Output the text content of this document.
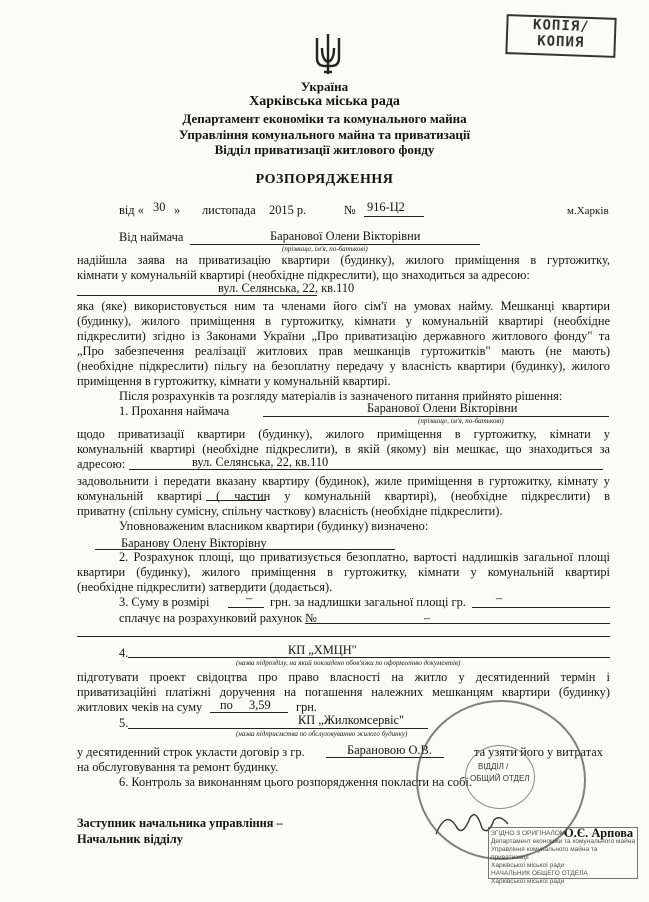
КОПІЯ/
КОПИЯ
Україна
Харківська міська рада
Департамент економіки та комунального майна
Управління комунального майна та приватизації
Відділ приватизації житлового фонду
РОЗПОРЯДЖЕННЯ
від « 30 » листопада 2015 р.	№ 916-Ц2	м.Харків
Від наймача	Баранової Олени Вікторівни
(прізвище, ім'я, по-батькові)
надійшла заява на приватизацію квартири (будинку), жилого приміщення в гуртожитку,
кімнати у комунальній квартирі (необхідне підкреслити), що знаходиться за адресою:
вул. Селянська, 22, кв.110
яка (яке) використовується ним та членами його сім'ї на умовах найму. Мешканці квартири
(будинку), жилого приміщення в гуртожитку, кімнати у комунальній квартирі (необхідне
підкреслити) згідно із Законами України „Про приватизацію державного житлового фонду" та
„Про забезпечення реалізації житлових прав мешканців гуртожитків" мають (не мають)
(необхідне підкреслити) пільгу на безоплатну передачу у власність квартири (будинку), жилого
приміщення в гуртожитку, кімнати у комунальній квартирі.
Після розрахунків та розгляду матеріалів із зазначеного питання прийнято рішення:
1. Прохання наймача	Баранової Олени Вікторівни
(прізвище, ім'я, по-батькові)
щодо приватизації квартири (будинку), жилого приміщення в гуртожитку, кімнати у
комунальній квартирі (необхідне підкреслити), в якій (якому) він мешкає, що знаходиться за
адресою:	вул. Селянська, 22, кв.110
задовольнити і передати вказану квартиру (будинок), жиле приміщення в гуртожитку, кімнату у
комунальній квартирі ( частин у комунальній квартирі), (необхідне підкреслити) в
приватну (спільну сумісну, спільну часткову) власність (необхідне підкреслити).
Уповноваженим власником квартири (будинку) визначено:
Баранову Олену Вікторівну
2. Розрахунок площі, що приватизується безоплатно, вартості надлишків загальної площі
квартири (будинку), жилого приміщення в гуртожитку, кімнати у комунальній квартирі
(необхідне підкреслити) затвердити (додається).
3. Суму в розмірі	– грн. за надлишки загальної площі гр. –
сплачує на розрахунковий рахунок №	–
4.	КП „ХМЦН"
(назва підрозділу, на який покладено обов'язки по оформленню документів)
підготувати проект свідоцтва про право власності на житло у десятиденний термін і
приватизаційні платіжні доручення на погашення належних мешканцям квартири (будинку)
житлових чеків на суму по 3,59 грн.
5.	КП „Жилкомсервіс"
(назва підприємства по обслуговуванню жилого будинку)
у десятиденний строк укласти договір з гр.	Барановою О.В.	та узяти його у витратах
на обслуговування та ремонт будинку.
6. Контроль за виконанням цього розпорядження покласти на собі.
Заступник начальника управління –
Начальник відділу	О.Є. Арпова
ВІДДІЛ /
ОБЩИЙ ОТДЕЛ
ЗГІДНО З ОРИГІНАЛОМ
Департамент економіки та комунального майна
Управління комунального майна та приватизації
Харківської міської ради
НАЧАЛЬНИК ОБЩЕГО ОТДЕЛА
Харківської міської ради
